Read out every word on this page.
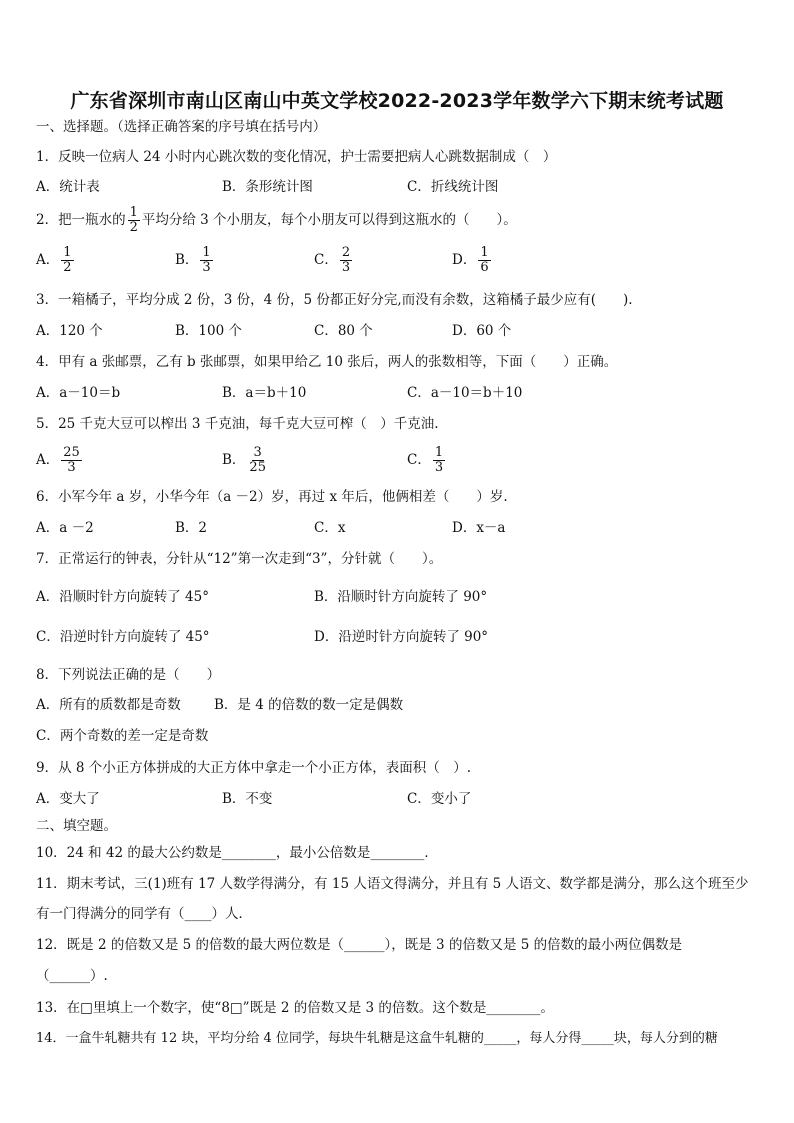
广东省深圳市南山区南山中英文学校2022-2023学年数学六下期末统考试题
一、选择题。（选择正确答案的序号填在括号内）
1．反映一位病人 24 小时内心跳次数的变化情况，护士需要把病人心跳数据制成（　）
A．统计表	B．条形统计图	C．折线统计图
2．把一瓶水的 $\frac{1}{2}$ 平均分给 3 个小朋友，每个小朋友可以得到这瓶水的（　　）。
A． $\frac{1}{2}$	B． $\frac{1}{3}$	C． $\frac{2}{3}$	D． $\frac{1}{6}$
3．一箱橘子，平均分成 2 份，3 份，4 份，5 份都正好分完,而没有余数，这箱橘子最少应有(　　).
A．120 个	B．100 个	C．80 个	D．60 个
4．甲有 a 张邮票，乙有 b 张邮票，如果甲给乙 10 张后，两人的张数相等，下面（　　）正确。
A．a－10＝b	B．a＝b＋10	C．a－10＝b＋10
5．25 千克大豆可以榨出 3 千克油，每千克大豆可榨（　）千克油.
A． $\frac{25}{3}$	B． $\frac{3}{25}$	C． $\frac{1}{3}$
6．小军今年 a 岁，小华今年（a －2）岁，再过 x 年后，他俩相差（　　）岁.
A．a －2	B．2	C．x	D．x－a
7．正常运行的钟表，分针从“12”第一次走到“3”，分针就（　　）。
A．沿顺时针方向旋转了 45°	B．沿顺时针方向旋转了 90°
C．沿逆时针方向旋转了 45°	D．沿逆时针方向旋转了 90°
8．下列说法正确的是（　　）
A．所有的质数都是奇数 B．是 4 的倍数的数一定是偶数
C．两个奇数的差一定是奇数
9．从 8 个小正方体拼成的大正方体中拿走一个小正方体，表面积（　）.
A．变大了	B．不变	C．变小了
二、填空题。
10．24 和 42 的最大公约数是________，最小公倍数是________．
11．期末考试，三(1)班有 17 人数学得满分，有 15 人语文得满分，并且有 5 人语文、数学都是满分，那么这个班至少
有一门得满分的同学有（____）人．
12．既是 2 的倍数又是 5 的倍数的最大两位数是（______），既是 3 的倍数又是 5 的倍数的最小两位偶数是
（______）.
13．在□里填上一个数字，使“8□”既是 2 的倍数又是 3 的倍数。这个数是________。
14．一盒牛轧糖共有 12 块，平均分给 4 位同学，每块牛轧糖是这盒牛轧糖的_____，每人分得_____块，每人分到的糖
